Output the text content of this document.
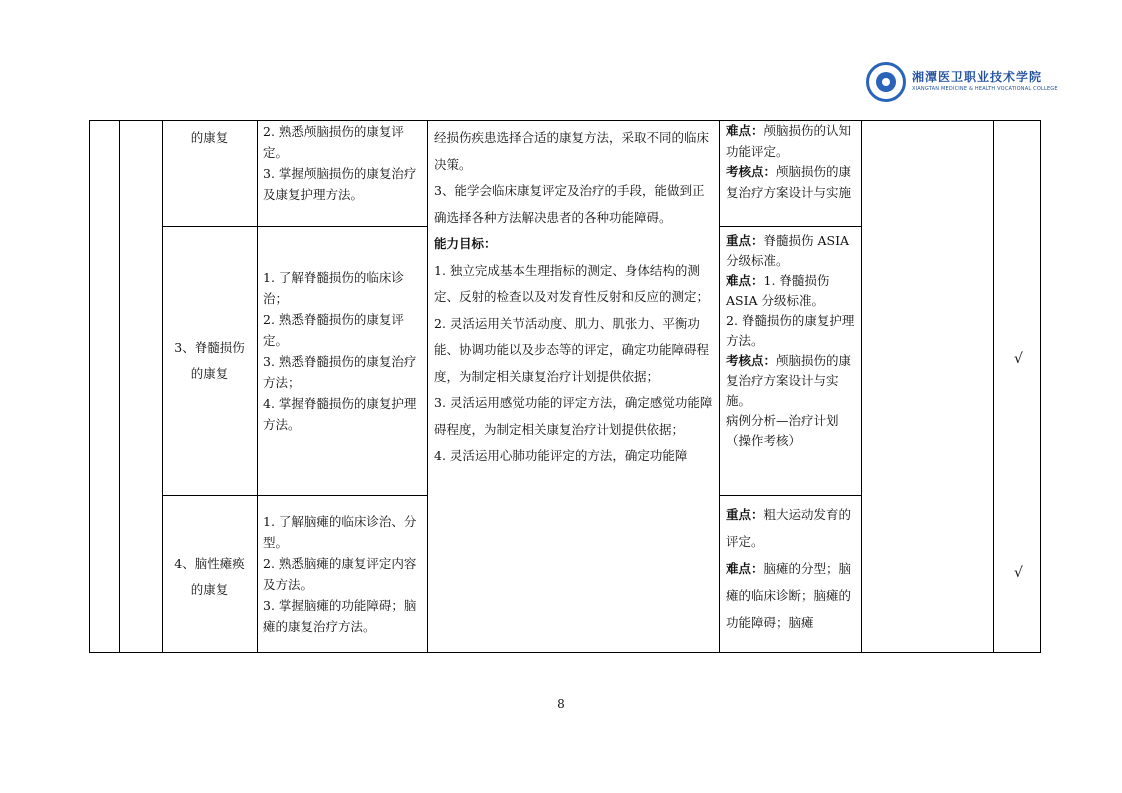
湘潭医卫职业技术学院
XIANGTAN MEDICINE & HEALTH VOCATIONAL COLLEGE
的康复	2. 熟悉颅脑损伤的康复评定。

3. 掌握颅脑损伤的康复治疗及康复护理方法。

难点：颅脑损伤的认知功能评定。

考核点：颅脑损伤的康复治疗方案设计与实施

经损伤疾患选择合适的康复方法，采取不同的临床决策。

3、能学会临床康复评定及治疗的手段，能做到正确选择各种方法解决患者的各种功能障碍。

能力目标：

1. 独立完成基本生理指标的测定、身体结构的测定、反射的检查以及对发育性反射和反应的测定；

2. 灵活运用关节活动度、肌力、肌张力、平衡功能、协调功能以及步态等的评定，确定功能障碍程度，为制定相关康复治疗计划提供依据；

3. 灵活运用感觉功能的评定方法，确定感觉功能障碍程度，为制定相关康复治疗计划提供依据；

4. 灵活运用心肺功能评定的方法，确定功能障

3、脊髓损伤

的康复

1. 了解脊髓损伤的临床诊治；

2. 熟悉脊髓损伤的康复评定。

3. 熟悉脊髓损伤的康复治疗方法；

4. 掌握脊髓损伤的康复护理方法。

重点：脊髓损伤 ASIA 分级标准。

难点：1. 脊髓损伤 ASIA 分级标准。

2. 脊髓损伤的康复护理方法。

考核点：颅脑损伤的康复治疗方案设计与实施。

病例分析—治疗计划（操作考核）

√

4、脑性瘫痪

的康复

1. 了解脑瘫的临床诊治、分型。

2. 熟悉脑瘫的康复评定内容及方法。

3. 掌握脑瘫的功能障碍；脑瘫的康复治疗方法。

重点：粗大运动发育的评定。

难点：脑瘫的分型；脑瘫的临床诊断；脑瘫的功能障碍；脑瘫

√
8
